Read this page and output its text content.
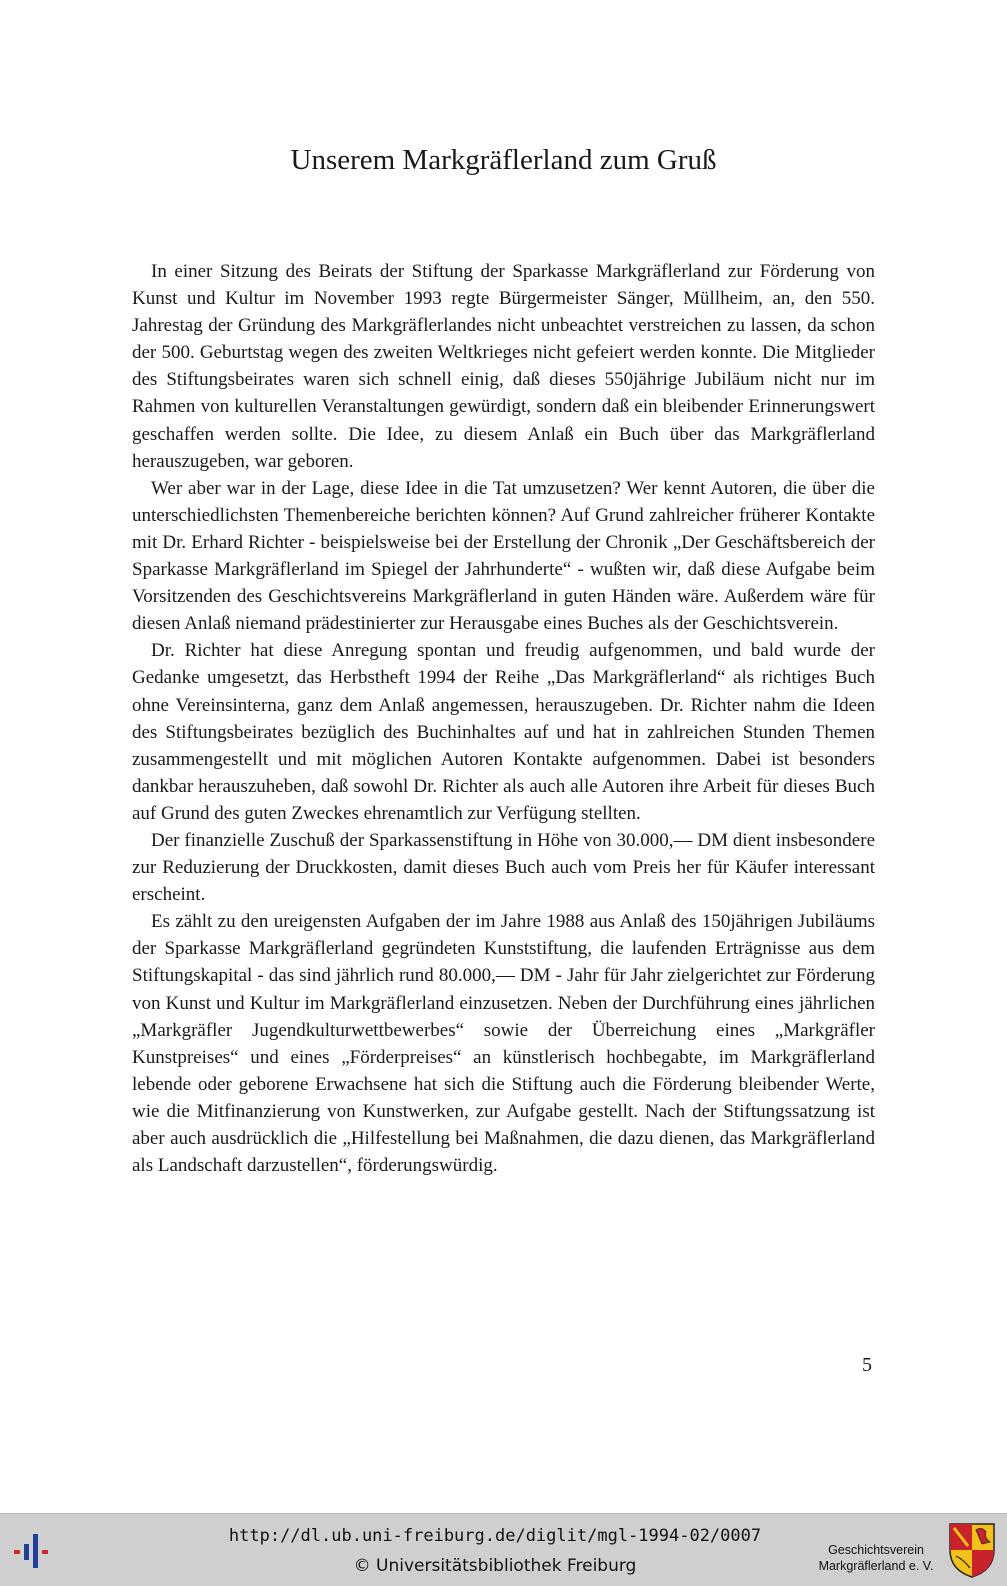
Unserem Markgräflerland zum Gruß

In einer Sitzung des Beirats der Stiftung der Sparkasse Markgräflerland zur Förderung von Kunst und Kultur im November 1993 regte Bürgermeister Sänger, Müllheim, an, den 550. Jahrestag der Gründung des Markgräflerlandes nicht unbeachtet verstreichen zu lassen, da schon der 500. Geburtstag wegen des zweiten Weltkrieges nicht gefeiert werden konnte. Die Mitglieder des Stiftungsbeirates waren sich schnell einig, daß dieses 550jährige Jubiläum nicht nur im Rahmen von kulturellen Veranstaltungen gewürdigt, sondern daß ein bleibender Erinnerungswert geschaffen werden sollte. Die Idee, zu diesem Anlaß ein Buch über das Markgräflerland herauszugeben, war geboren.

Wer aber war in der Lage, diese Idee in die Tat umzusetzen? Wer kennt Autoren, die über die unterschiedlichsten Themenbereiche berichten können? Auf Grund zahlreicher früherer Kontakte mit Dr. Erhard Richter - beispielsweise bei der Erstellung der Chronik „Der Geschäftsbereich der Sparkasse Markgräflerland im Spiegel der Jahrhunderte“ - wußten wir, daß diese Aufgabe beim Vorsitzenden des Geschichtsvereins Markgräflerland in guten Händen wäre. Außerdem wäre für diesen Anlaß niemand prädestinierter zur Herausgabe eines Buches als der Geschichtsverein.

Dr. Richter hat diese Anregung spontan und freudig aufgenommen, und bald wurde der Gedanke umgesetzt, das Herbstheft 1994 der Reihe „Das Markgräflerland“ als richtiges Buch ohne Vereinsinterna, ganz dem Anlaß angemessen, herauszugeben. Dr. Richter nahm die Ideen des Stiftungsbeirates bezüglich des Buchinhaltes auf und hat in zahlreichen Stunden Themen zusammengestellt und mit möglichen Autoren Kontakte aufgenommen. Dabei ist besonders dankbar herauszuheben, daß sowohl Dr. Richter als auch alle Autoren ihre Arbeit für dieses Buch auf Grund des guten Zweckes ehrenamtlich zur Verfügung stellten.

Der finanzielle Zuschuß der Sparkassenstiftung in Höhe von 30.000,— DM dient insbesondere zur Reduzierung der Druckkosten, damit dieses Buch auch vom Preis her für Käufer interessant erscheint.

Es zählt zu den ureigensten Aufgaben der im Jahre 1988 aus Anlaß des 150jährigen Jubiläums der Sparkasse Markgräflerland gegründeten Kunststiftung, die laufenden Erträgnisse aus dem Stiftungskapital - das sind jährlich rund 80.000,— DM - Jahr für Jahr zielgerichtet zur Förderung von Kunst und Kultur im Markgräflerland einzusetzen. Neben der Durchführung eines jährlichen „Markgräfler Jugendkulturwettbewerbes“ sowie der Überreichung eines „Markgräfler Kunstpreises“ und eines „Förderpreises“ an künstlerisch hochbegabte, im Markgräflerland lebende oder geborene Erwachsene hat sich die Stiftung auch die Förderung bleibender Werte, wie die Mitfinanzierung von Kunstwerken, zur Aufgabe gestellt. Nach der Stiftungssatzung ist aber auch ausdrücklich die „Hilfestellung bei Maßnahmen, die dazu dienen, das Markgräflerland als Landschaft darzustellen“, förderungswürdig.

5
http://dl.ub.uni-freiburg.de/diglit/mgl-1994-02/0007
© Universitätsbibliothek Freiburg
Geschichtsverein
Markgräflerland e. V.
